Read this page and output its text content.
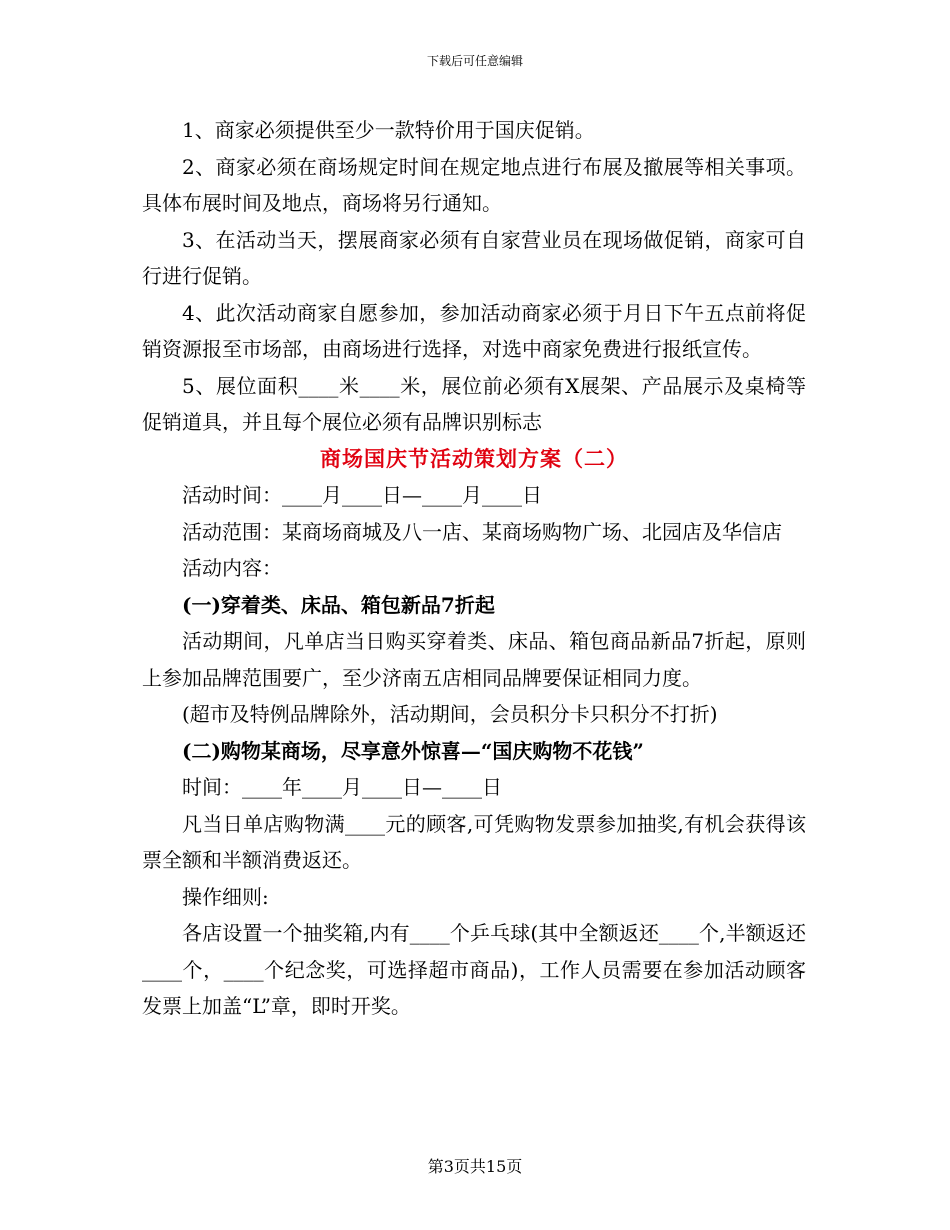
下载后可任意编辑

1、商家必须提供至少一款特价用于国庆促销。

2、商家必须在商场规定时间在规定地点进行布展及撤展等相关事项。具体布展时间及地点，商场将另行通知。

3、在活动当天，摆展商家必须有自家营业员在现场做促销，商家可自行进行促销。

4、此次活动商家自愿参加，参加活动商家必须于月日下午五点前将促销资源报至市场部，由商场进行选择，对选中商家免费进行报纸宣传。

5、展位面积____米____米，展位前必须有X展架、产品展示及桌椅等促销道具，并且每个展位必须有品牌识别标志

商场国庆节活动策划方案（二）

活动时间：____月____日—____月____日

活动范围：某商场商城及八一店、某商场购物广场、北园店及华信店

活动内容：

(一)穿着类、床品、箱包新品7折起

活动期间，凡单店当日购买穿着类、床品、箱包商品新品7折起，原则上参加品牌范围要广，至少济南五店相同品牌要保证相同力度。

(超市及特例品牌除外，活动期间，会员积分卡只积分不打折)

(二)购物某商场，尽享意外惊喜—“国庆购物不花钱”

时间：____年____月____日—____日

凡当日单店购物满____元的顾客,可凭购物发票参加抽奖,有机会获得该票全额和半额消费返还。

操作细则:

各店设置一个抽奖箱,内有____个乒乓球(其中全额返还____个,半额返还____个，____个纪念奖，可选择超市商品)，工作人员需要在参加活动顾客发票上加盖“L”章，即时开奖。

第3页共15页
